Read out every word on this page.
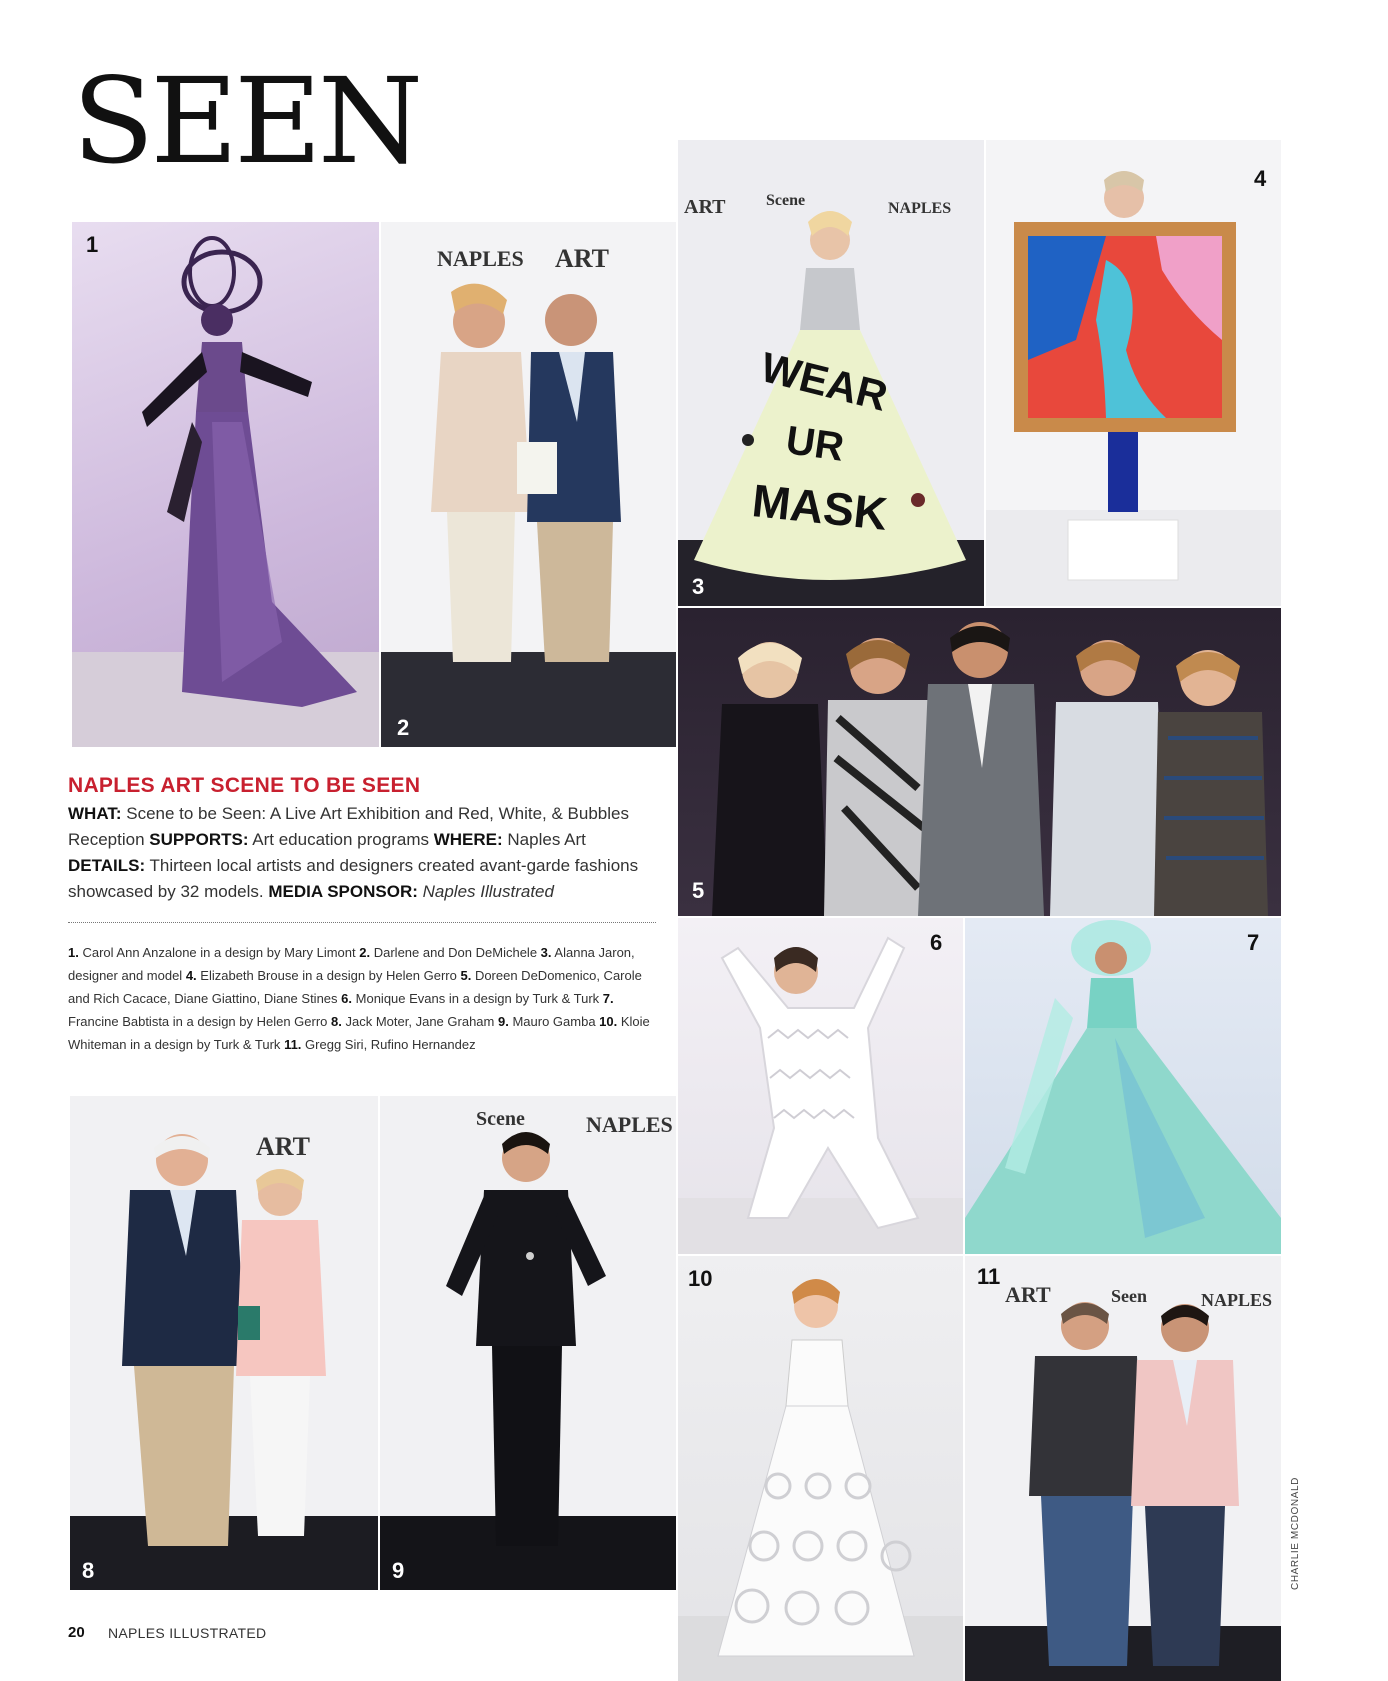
SEEN
1
NAPLES ART
2
ART	NAPLES
Scene
WEAR
UR
MASK
3
4
5
6	7
NAPLES ART SCENE TO BE SEEN
WHAT: Scene to be Seen: A Live Art Exhibition and Red, White, & Bubbles Reception SUPPORTS: Art education programs WHERE: Naples Art DETAILS: Thirteen local artists and designers created avant-garde fashions showcased by 32 models. MEDIA SPONSOR: Naples Illustrated
1. Carol Ann Anzalone in a design by Mary Limont 2. Darlene and Don DeMichele 3. Alanna Jaron, designer and model 4. Elizabeth Brouse in a design by Helen Gerro 5. Doreen DeDomenico, Carole and Rich Cacace, Diane Giattino, Diane Stines 6. Monique Evans in a design by Turk & Turk 7. Francine Babtista in a design by Helen Gerro 8. Jack Moter, Jane Graham 9. Mauro Gamba 10. Kloie Whiteman in a design by Turk & Turk 11. Gregg Siri, Rufino Hernandez
ART
8
NAPLES
Scene
9
10
ART	NAPLES
Seen
11
20 NAPLES ILLUSTRATED
CHARLIE MCDONALD
